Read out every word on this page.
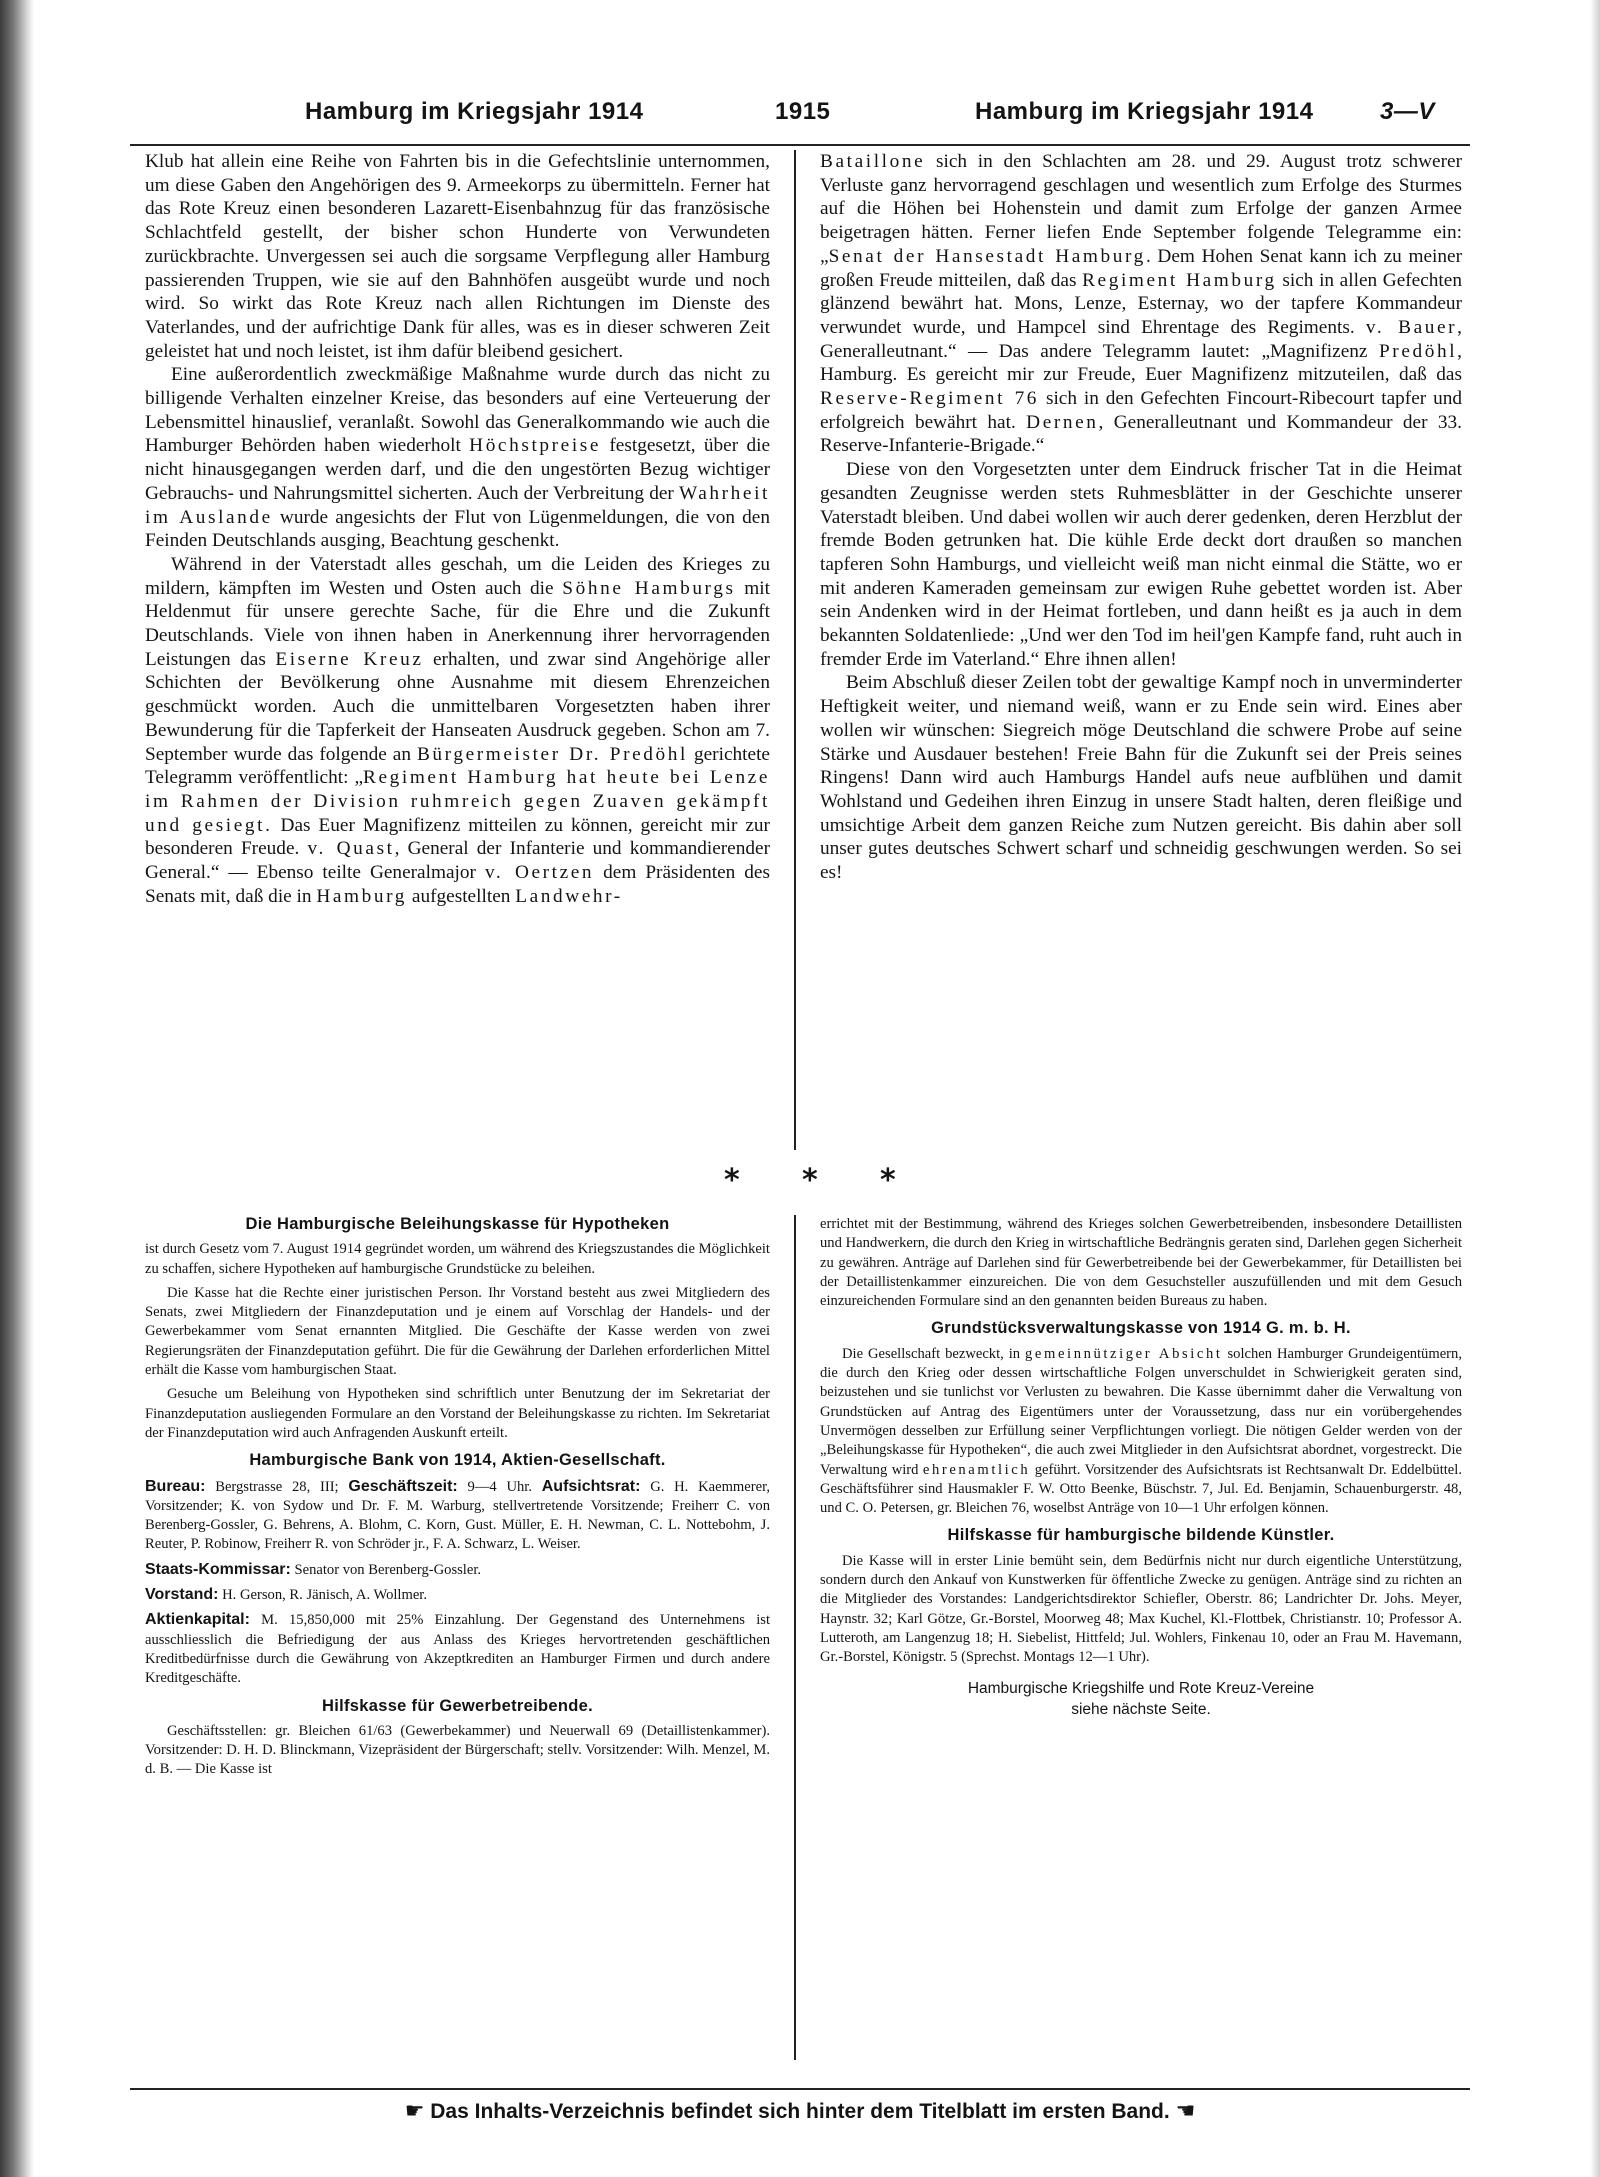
Hamburg im Kriegsjahr 1914	1915	Hamburg im Kriegsjahr 1914	3—V

Klub hat allein eine Reihe von Fahrten bis in die Gefechtslinie unternommen, um diese Gaben den Angehörigen des 9. Armeekorps zu übermitteln. Ferner hat das Rote Kreuz einen besonderen Lazarett-Eisenbahnzug für das französische Schlachtfeld gestellt, der bisher schon Hunderte von Verwundeten zurückbrachte. Unvergessen sei auch die sorgsame Verpflegung aller Hamburg passierenden Truppen, wie sie auf den Bahnhöfen ausgeübt wurde und noch wird. So wirkt das Rote Kreuz nach allen Richtungen im Dienste des Vaterlandes, und der aufrichtige Dank für alles, was es in dieser schweren Zeit geleistet hat und noch leistet, ist ihm dafür bleibend gesichert.

Eine außerordentlich zweckmäßige Maßnahme wurde durch das nicht zu billigende Verhalten einzelner Kreise, das besonders auf eine Verteuerung der Lebensmittel hinauslief, veranlaßt. Sowohl das Generalkommando wie auch die Hamburger Behörden haben wiederholt Höchstpreise festgesetzt, über die nicht hinausgegangen werden darf, und die den ungestörten Bezug wichtiger Gebrauchs- und Nahrungsmittel sicherten. Auch der Verbreitung der Wahrheit im Auslande wurde angesichts der Flut von Lügenmeldungen, die von den Feinden Deutschlands ausging, Beachtung geschenkt.

Während in der Vaterstadt alles geschah, um die Leiden des Krieges zu mildern, kämpften im Westen und Osten auch die Söhne Hamburgs mit Heldenmut für unsere gerechte Sache, für die Ehre und die Zukunft Deutschlands. Viele von ihnen haben in Anerkennung ihrer hervorragenden Leistungen das Eiserne Kreuz erhalten, und zwar sind Angehörige aller Schichten der Bevölkerung ohne Ausnahme mit diesem Ehrenzeichen geschmückt worden. Auch die unmittelbaren Vorgesetzten haben ihrer Bewunderung für die Tapferkeit der Hanseaten Ausdruck gegeben. Schon am 7. September wurde das folgende an Bürgermeister Dr. Predöhl gerichtete Telegramm veröffentlicht: „Regiment Hamburg hat heute bei Lenze im Rahmen der Division ruhmreich gegen Zuaven gekämpft und gesiegt. Das Euer Magnifizenz mitteilen zu können, gereicht mir zur besonderen Freude. v. Quast, General der Infanterie und kommandierender General.“ — Ebenso teilte Generalmajor v. Oertzen dem Präsidenten des Senats mit, daß die in Hamburg aufgestellten Landwehr-

Bataillone sich in den Schlachten am 28. und 29. August trotz schwerer Verluste ganz hervorragend geschlagen und wesentlich zum Erfolge des Sturmes auf die Höhen bei Hohenstein und damit zum Erfolge der ganzen Armee beigetragen hätten. Ferner liefen Ende September folgende Telegramme ein: „Senat der Hansestadt Hamburg. Dem Hohen Senat kann ich zu meiner großen Freude mitteilen, daß das Regiment Hamburg sich in allen Gefechten glänzend bewährt hat. Mons, Lenze, Esternay, wo der tapfere Kommandeur verwundet wurde, und Hampcel sind Ehrentage des Regiments. v. Bauer, Generalleutnant.“ — Das andere Telegramm lautet: „Magnifizenz Predöhl, Hamburg. Es gereicht mir zur Freude, Euer Magnifizenz mitzuteilen, daß das Reserve-Regiment 76 sich in den Gefechten Fincourt-Ribecourt tapfer und erfolgreich bewährt hat. Dernen, Generalleutnant und Kommandeur der 33. Reserve-Infanterie-Brigade.“

Diese von den Vorgesetzten unter dem Eindruck frischer Tat in die Heimat gesandten Zeugnisse werden stets Ruhmesblätter in der Geschichte unserer Vaterstadt bleiben. Und dabei wollen wir auch derer gedenken, deren Herzblut der fremde Boden getrunken hat. Die kühle Erde deckt dort draußen so manchen tapferen Sohn Hamburgs, und vielleicht weiß man nicht einmal die Stätte, wo er mit anderen Kameraden gemeinsam zur ewigen Ruhe gebettet worden ist. Aber sein Andenken wird in der Heimat fortleben, und dann heißt es ja auch in dem bekannten Soldatenliede: „Und wer den Tod im heil'gen Kampfe fand, ruht auch in fremder Erde im Vaterland.“ Ehre ihnen allen!

Beim Abschluß dieser Zeilen tobt der gewaltige Kampf noch in unverminderter Heftigkeit weiter, und niemand weiß, wann er zu Ende sein wird. Eines aber wollen wir wünschen: Siegreich möge Deutschland die schwere Probe auf seine Stärke und Ausdauer bestehen! Freie Bahn für die Zukunft sei der Preis seines Ringens! Dann wird auch Hamburgs Handel aufs neue aufblühen und damit Wohlstand und Gedeihen ihren Einzug in unsere Stadt halten, deren fleißige und umsichtige Arbeit dem ganzen Reiche zum Nutzen gereicht. Bis dahin aber soll unser gutes deutsches Schwert scharf und schneidig geschwungen werden. So sei es!

* * *
Die Hamburgische Beleihungskasse für Hypotheken

ist durch Gesetz vom 7. August 1914 gegründet worden, um während des Kriegszustandes die Möglichkeit zu schaffen, sichere Hypotheken auf hamburgische Grundstücke zu beleihen.

Die Kasse hat die Rechte einer juristischen Person. Ihr Vorstand besteht aus zwei Mitgliedern des Senats, zwei Mitgliedern der Finanzdeputation und je einem auf Vorschlag der Handels- und der Gewerbekammer vom Senat ernannten Mitglied. Die Geschäfte der Kasse werden von zwei Regierungsräten der Finanzdeputation geführt. Die für die Gewährung der Darlehen erforderlichen Mittel erhält die Kasse vom hamburgischen Staat.

Gesuche um Beleihung von Hypotheken sind schriftlich unter Benutzung der im Sekretariat der Finanzdeputation ausliegenden Formulare an den Vorstand der Beleihungskasse zu richten. Im Sekretariat der Finanzdeputation wird auch Anfragenden Auskunft erteilt.

Hamburgische Bank von 1914, Aktien-Gesellschaft.

Bureau: Bergstrasse 28, III; Geschäftszeit: 9—4 Uhr. Aufsichtsrat: G. H. Kaemmerer, Vorsitzender; K. von Sydow und Dr. F. M. Warburg, stellvertretende Vorsitzende; Freiherr C. von Berenberg-Gossler, G. Behrens, A. Blohm, C. Korn, Gust. Müller, E. H. Newman, C. L. Nottebohm, J. Reuter, P. Robinow, Freiherr R. von Schröder jr., F. A. Schwarz, L. Weiser.

Staats-Kommissar: Senator von Berenberg-Gossler.

Vorstand: H. Gerson, R. Jänisch, A. Wollmer.

Aktienkapital: M. 15,850,000 mit 25% Einzahlung. Der Gegenstand des Unternehmens ist ausschliesslich die Befriedigung der aus Anlass des Krieges hervortretenden geschäftlichen Kreditbedürfnisse durch die Gewährung von Akzeptkrediten an Hamburger Firmen und durch andere Kreditgeschäfte.

Hilfskasse für Gewerbetreibende.

Geschäftsstellen: gr. Bleichen 61/63 (Gewerbekammer) und Neuerwall 69 (Detaillistenkammer). Vorsitzender: D. H. D. Blinckmann, Vizepräsident der Bürgerschaft; stellv. Vorsitzender: Wilh. Menzel, M. d. B. — Die Kasse ist

errichtet mit der Bestimmung, während des Krieges solchen Gewerbetreibenden, insbesondere Detaillisten und Handwerkern, die durch den Krieg in wirtschaftliche Bedrängnis geraten sind, Darlehen gegen Sicherheit zu gewähren. Anträge auf Darlehen sind für Gewerbetreibende bei der Gewerbekammer, für Detaillisten bei der Detaillistenkammer einzureichen. Die von dem Gesuchsteller auszufüllenden und mit dem Gesuch einzureichenden Formulare sind an den genannten beiden Bureaus zu haben.

Grundstücksverwaltungskasse von 1914 G. m. b. H.

Die Gesellschaft bezweckt, in gemeinnütziger Absicht solchen Hamburger Grundeigentümern, die durch den Krieg oder dessen wirtschaftliche Folgen unverschuldet in Schwierigkeit geraten sind, beizustehen und sie tunlichst vor Verlusten zu bewahren. Die Kasse übernimmt daher die Verwaltung von Grundstücken auf Antrag des Eigentümers unter der Voraussetzung, dass nur ein vorübergehendes Unvermögen desselben zur Erfüllung seiner Verpflichtungen vorliegt. Die nötigen Gelder werden von der „Beleihungskasse für Hypotheken“, die auch zwei Mitglieder in den Aufsichtsrat abordnet, vorgestreckt. Die Verwaltung wird ehrenamtlich geführt. Vorsitzender des Aufsichtsrats ist Rechtsanwalt Dr. Eddelbüttel. Geschäftsführer sind Hausmakler F. W. Otto Beenke, Büschstr. 7, Jul. Ed. Benjamin, Schauenburgerstr. 48, und C. O. Petersen, gr. Bleichen 76, woselbst Anträge von 10—1 Uhr erfolgen können.

Hilfskasse für hamburgische bildende Künstler.

Die Kasse will in erster Linie bemüht sein, dem Bedürfnis nicht nur durch eigentliche Unterstützung, sondern durch den Ankauf von Kunstwerken für öffentliche Zwecke zu genügen. Anträge sind zu richten an die Mitglieder des Vorstandes: Landgerichtsdirektor Schiefler, Oberstr. 86; Landrichter Dr. Johs. Meyer, Haynstr. 32; Karl Götze, Gr.-Borstel, Moorweg 48; Max Kuchel, Kl.-Flottbek, Christianstr. 10; Professor A. Lutteroth, am Langenzug 18; H. Siebelist, Hittfeld; Jul. Wohlers, Finkenau 10, oder an Frau M. Havemann, Gr.-Borstel, Königstr. 5 (Sprechst. Montags 12—1 Uhr).

Hamburgische Kriegshilfe und Rote Kreuz-Vereine
siehe nächste Seite.
☛ Das Inhalts-Verzeichnis befindet sich hinter dem Titelblatt im ersten Band. ☚
